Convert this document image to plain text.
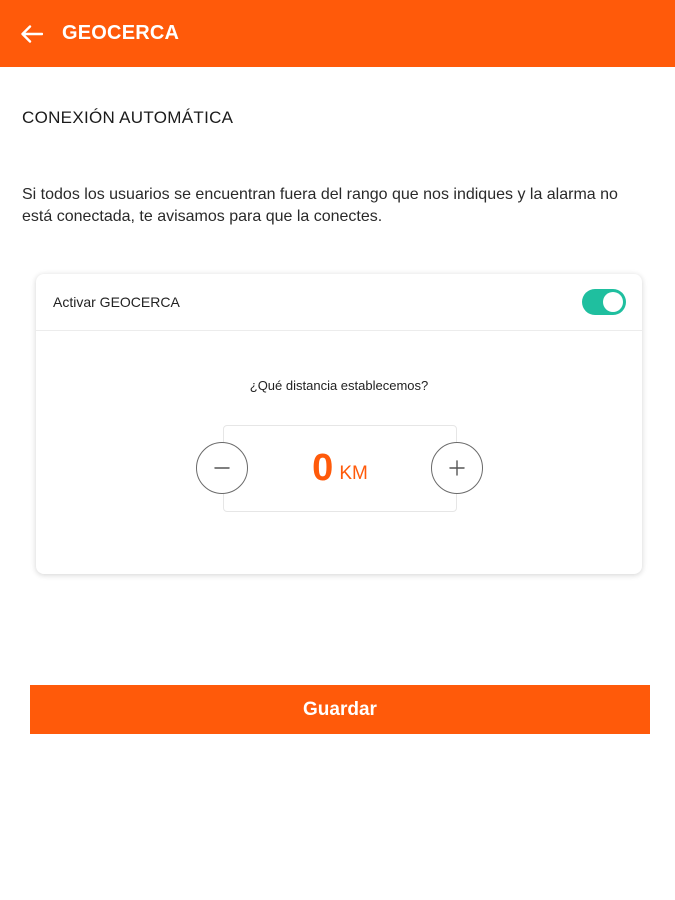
GEOCERCA
CONEXIÓN AUTOMÁTICA
Si todos los usuarios se encuentran fuera del rango que nos indiques y la alarma no está conectada, te avisamos para que la conectes.
Activar GEOCERCA
¿Qué distancia establecemos?
0 KM
Guardar
